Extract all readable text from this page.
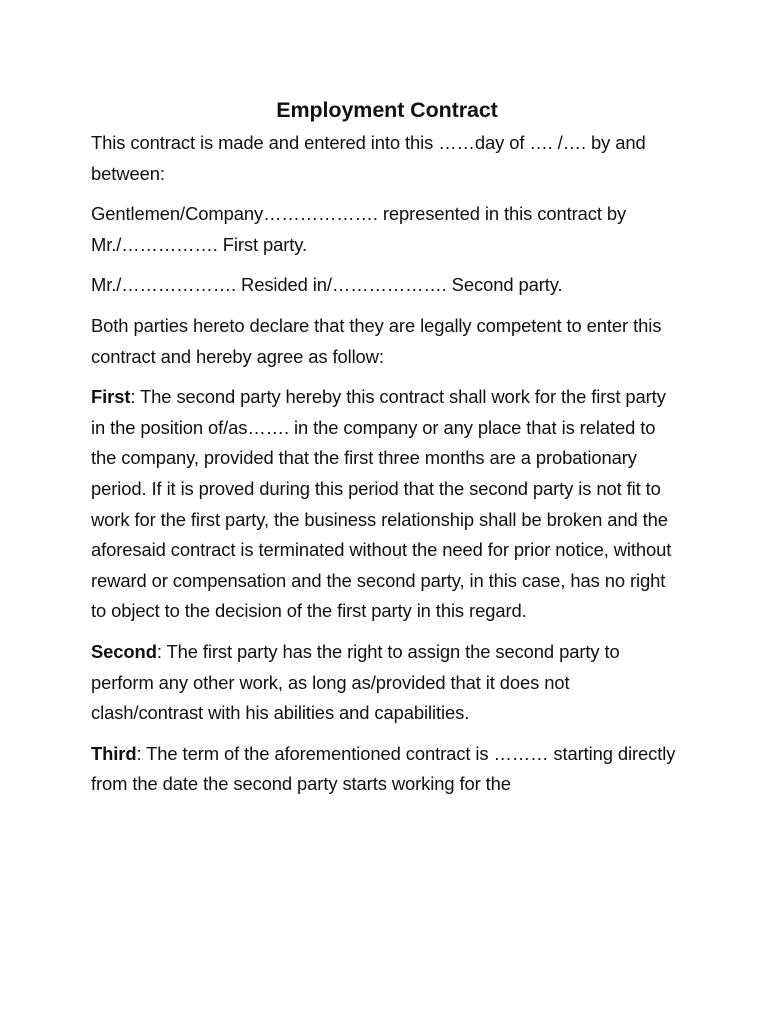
Employment Contract

This contract is made and entered into this ……day of …. /…. by and between:

Gentlemen/Company………………. represented in this contract by Mr./……………. First party.

Mr./………………. Resided in/………………. Second party.

Both parties hereto declare that they are legally competent to enter this contract and hereby agree as follow:

First: The second party hereby this contract shall work for the first party in the position of/as……. in the company or any place that is related to the company, provided that the first three months are a probationary period. If it is proved during this period that the second party is not fit to work for the first party, the business relationship shall be broken and the aforesaid contract is terminated without the need for prior notice, without reward or compensation and the second party, in this case, has no right to object to the decision of the first party in this regard.

Second: The first party has the right to assign the second party to perform any other work, as long as/provided that it does not clash/contrast with his abilities and capabilities.

Third: The term of the aforementioned contract is ……… starting directly from the date the second party starts working for the
